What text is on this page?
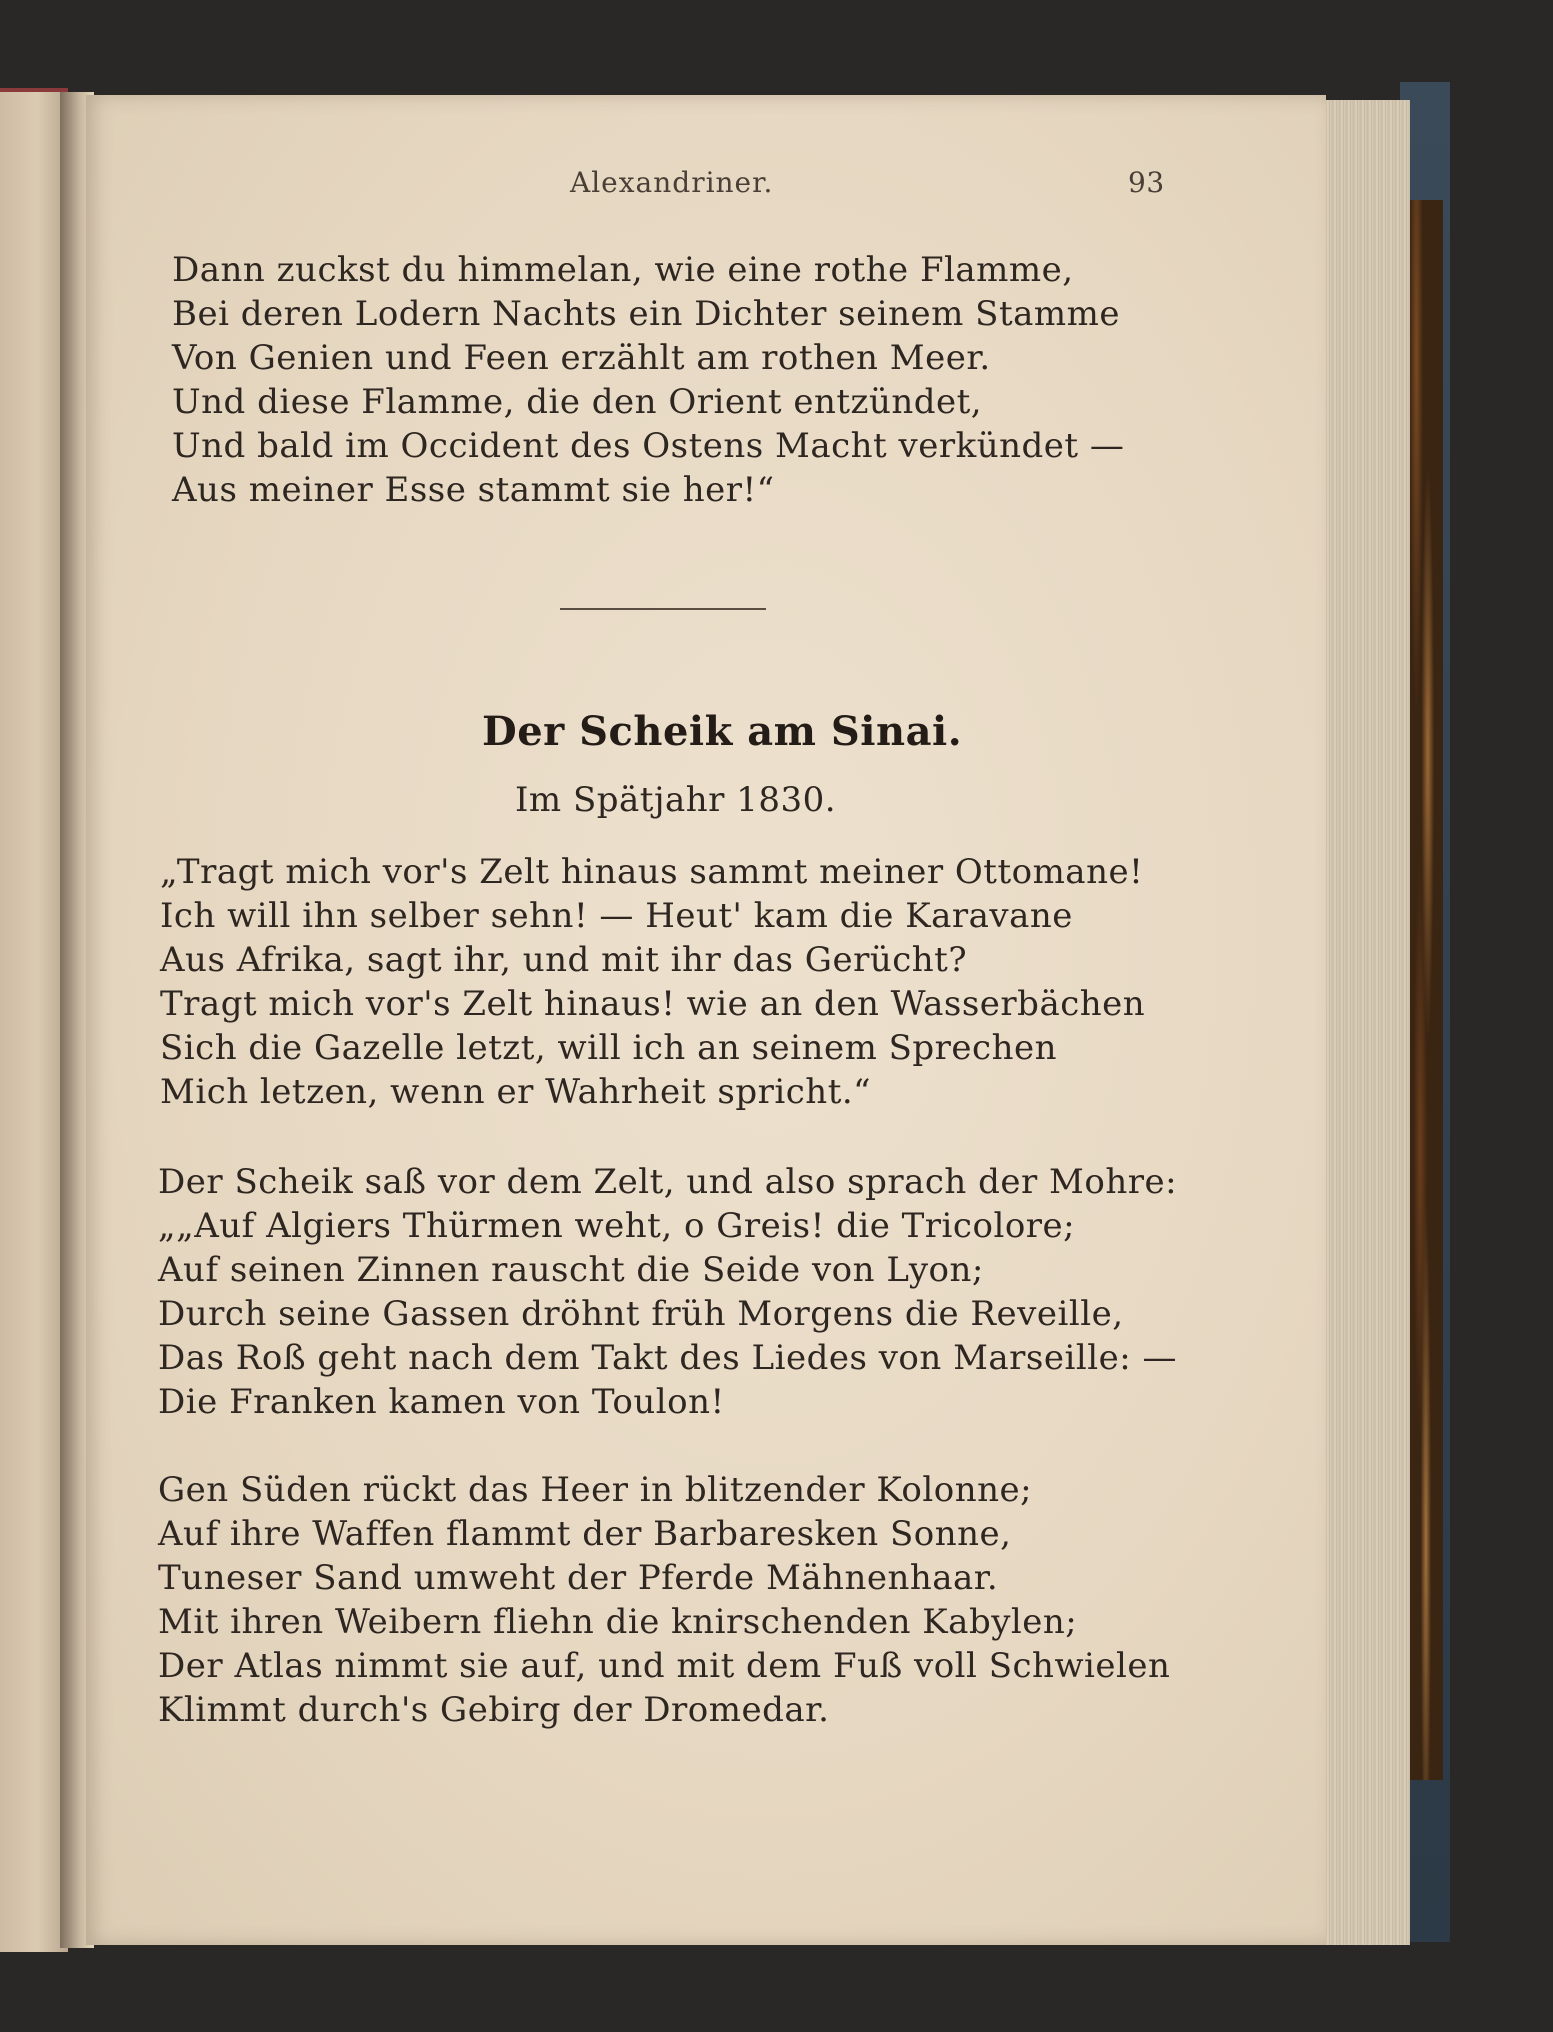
Alexandriner.	93
Dann zuckst du himmelan, wie eine rothe Flamme,
Bei deren Lodern Nachts ein Dichter seinem Stamme
Von Genien und Feen erzählt am rothen Meer.
Und diese Flamme, die den Orient entzündet,
Und bald im Occident des Ostens Macht verkündet —
Aus meiner Esse stammt sie her!“
Der Scheik am Sinai.
Im Spätjahr 1830.
„Tragt mich vor's Zelt hinaus sammt meiner Ottomane!
Ich will ihn selber sehn! — Heut' kam die Karavane
Aus Afrika, sagt ihr, und mit ihr das Gerücht?
Tragt mich vor's Zelt hinaus! wie an den Wasserbächen
Sich die Gazelle letzt, will ich an seinem Sprechen
Mich letzen, wenn er Wahrheit spricht.“
Der Scheik saß vor dem Zelt, und also sprach der Mohre:
„„Auf Algiers Thürmen weht, o Greis! die Tricolore;
Auf seinen Zinnen rauscht die Seide von Lyon;
Durch seine Gassen dröhnt früh Morgens die Reveille,
Das Roß geht nach dem Takt des Liedes von Marseille: —
Die Franken kamen von Toulon!
Gen Süden rückt das Heer in blitzender Kolonne;
Auf ihre Waffen flammt der Barbaresken Sonne,
Tuneser Sand umweht der Pferde Mähnenhaar.
Mit ihren Weibern fliehn die knirschenden Kabylen;
Der Atlas nimmt sie auf, und mit dem Fuß voll Schwielen
Klimmt durch's Gebirg der Dromedar.
